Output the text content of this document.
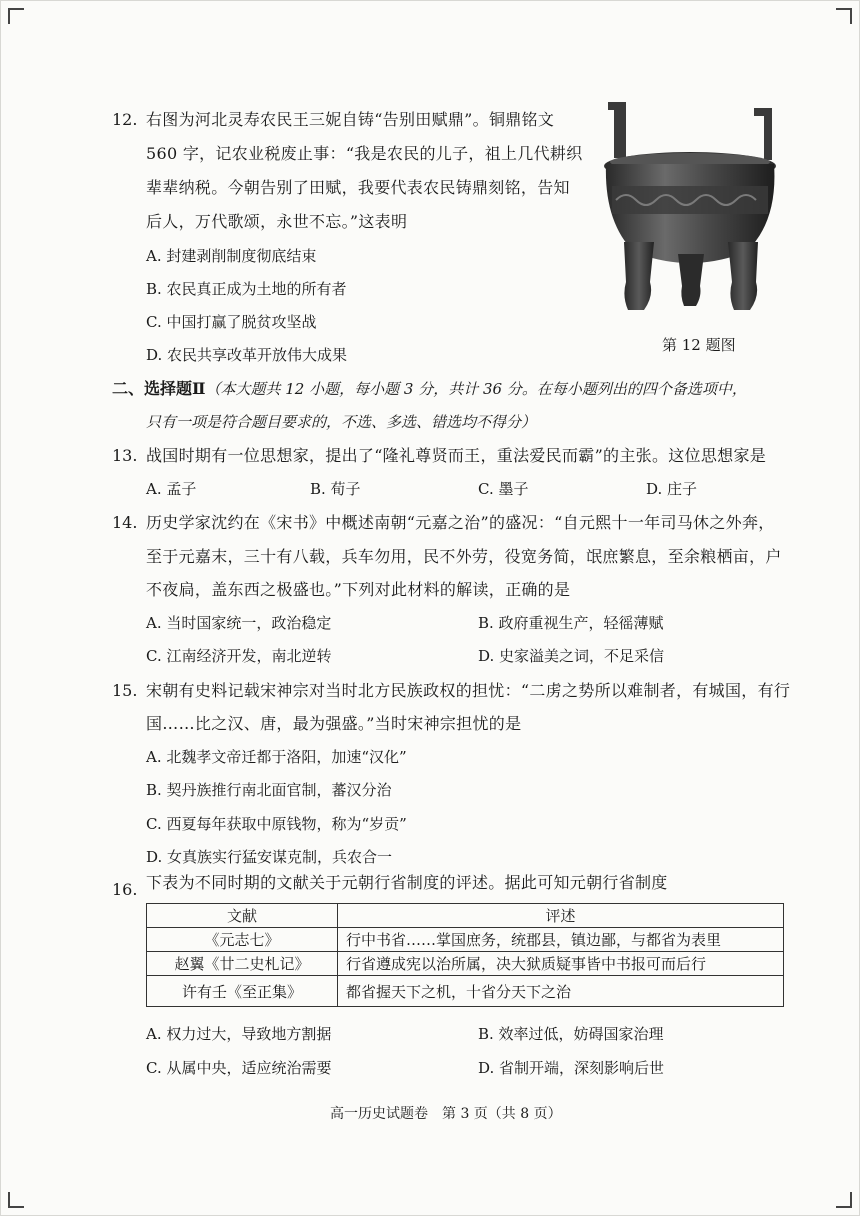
12. 右图为河北灵寿农民王三妮自铸“告别田赋鼎”。铜鼎铭文
560 字，记农业税废止事：“我是农民的儿子，祖上几代耕织
辈辈纳税。今朝告别了田赋，我要代表农民铸鼎刻铭，告知
后人，万代歌颂，永世不忘。”这表明
A. 封建剥削制度彻底结束
B. 农民真正成为土地的所有者
C. 中国打赢了脱贫攻坚战
D. 农民共享改革开放伟大成果
第 12 题图
二、选择题Ⅱ（本大题共 12 小题，每小题 3 分，共计 36 分。在每小题列出的四个备选项中，
只有一项是符合题目要求的，不选、多选、错选均不得分）
13. 战国时期有一位思想家，提出了“隆礼尊贤而王，重法爱民而霸”的主张。这位思想家是
A. 孟子	B. 荀子	C. 墨子	D. 庄子
14. 历史学家沈约在《宋书》中概述南朝“元嘉之治”的盛况：“自元熙十一年司马休之外奔，
至于元嘉末，三十有八载，兵车勿用，民不外劳，役宽务简，氓庶繁息，至余粮栖亩，户
不夜扃，盖东西之极盛也。”下列对此材料的解读，正确的是
A. 当时国家统一，政治稳定	B. 政府重视生产，轻徭薄赋
C. 江南经济开发，南北逆转	D. 史家溢美之词，不足采信
15. 宋朝有史料记载宋神宗对当时北方民族政权的担忧：“二虏之势所以难制者，有城国，有行
国……比之汉、唐，最为强盛。”当时宋神宗担忧的是
A. 北魏孝文帝迁都于洛阳，加速“汉化”
B. 契丹族推行南北面官制，蕃汉分治
C. 西夏每年获取中原钱物，称为“岁贡”
D. 女真族实行猛安谋克制，兵农合一
16. 下表为不同时期的文献关于元朝行省制度的评述。据此可知元朝行省制度
文献	评述
《元志七》	行中书省……掌国庶务，统郡县，镇边鄙，与都省为表里
赵翼《廿二史札记》	行省遵成宪以治所属，决大狱质疑事皆中书报可而后行
许有壬《至正集》	都省握天下之机，十省分天下之治
A. 权力过大，导致地方割据	B. 效率过低，妨碍国家治理
C. 从属中央，适应统治需要	D. 省制开端，深刻影响后世
高一历史试题卷　第 3 页（共 8 页）
